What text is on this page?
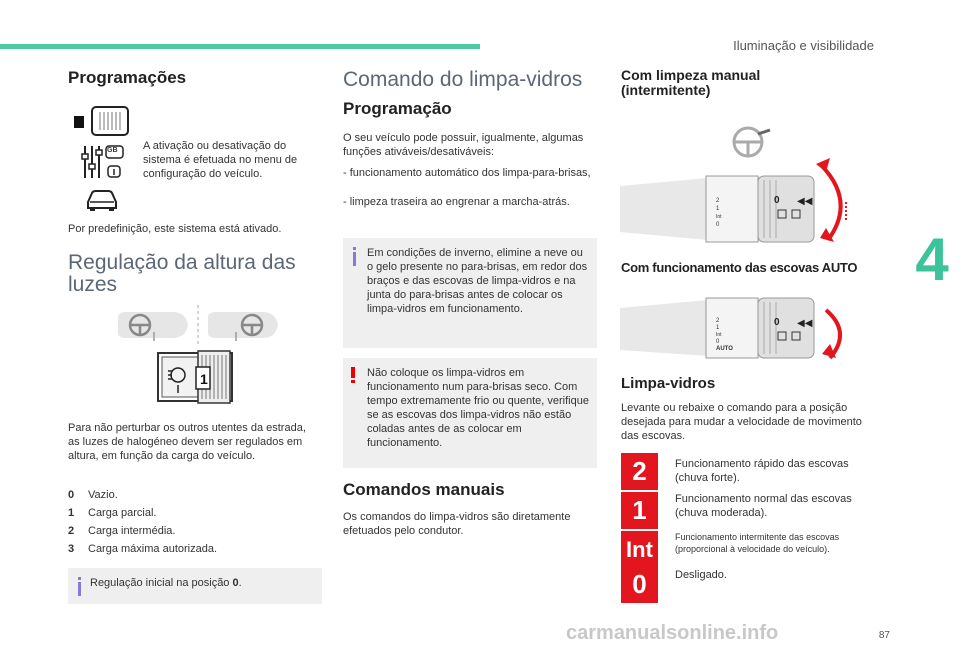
Iluminação e visibilidade
4
Programações
GB A ativação ou desativação do sistema é efetuada no menu de configuração do veículo.
Por predefinição, este sistema está ativado.
Regulação da altura das luzes
1
Para não perturbar os outros utentes da estrada, as luzes de halogéneo devem ser regulados em altura, em função da carga do veículo.
0 Vazio.
1 Carga parcial.
2 Carga intermédia.
3 Carga máxima autorizada.
Regulação inicial na posição 0.
Comando do limpa-vidros
Programação
O seu veículo pode possuir, igualmente, algumas funções ativáveis/desativáveis:
- funcionamento automático dos limpa-para-brisas,
- limpeza traseira ao engrenar a marcha-atrás.
Em condições de inverno, elimine a neve ou o gelo presente no para-brisas, em redor dos braços e das escovas de limpa-vidros e na junta do para-brisas antes de colocar os limpa-vidros em funcionamento.
Não coloque os limpa-vidros em funcionamento num para-brisas seco. Com tempo extremamente frio ou quente, verifique se as escovas dos limpa-vidros não estão coladas antes de as colocar em funcionamento.
Comandos manuais
Os comandos do limpa-vidros são diretamente efetuados pelo condutor.
Com limpeza manual (intermitente)
0 ◀◀
2
1
Int
0
Com funcionamento das escovas AUTO
0 ◀◀
2
1
Int
0
AUTO
Limpa-vidros
Levante ou rebaixe o comando para a posição desejada para mudar a velocidade de movimento das escovas.
2	Funcionamento rápido das escovas (chuva forte).
1	Funcionamento normal das escovas (chuva moderada).
Int	Funcionamento intermitente das escovas (proporcional à velocidade do veículo).
0	Desligado.
87
carmanualsonline.info
